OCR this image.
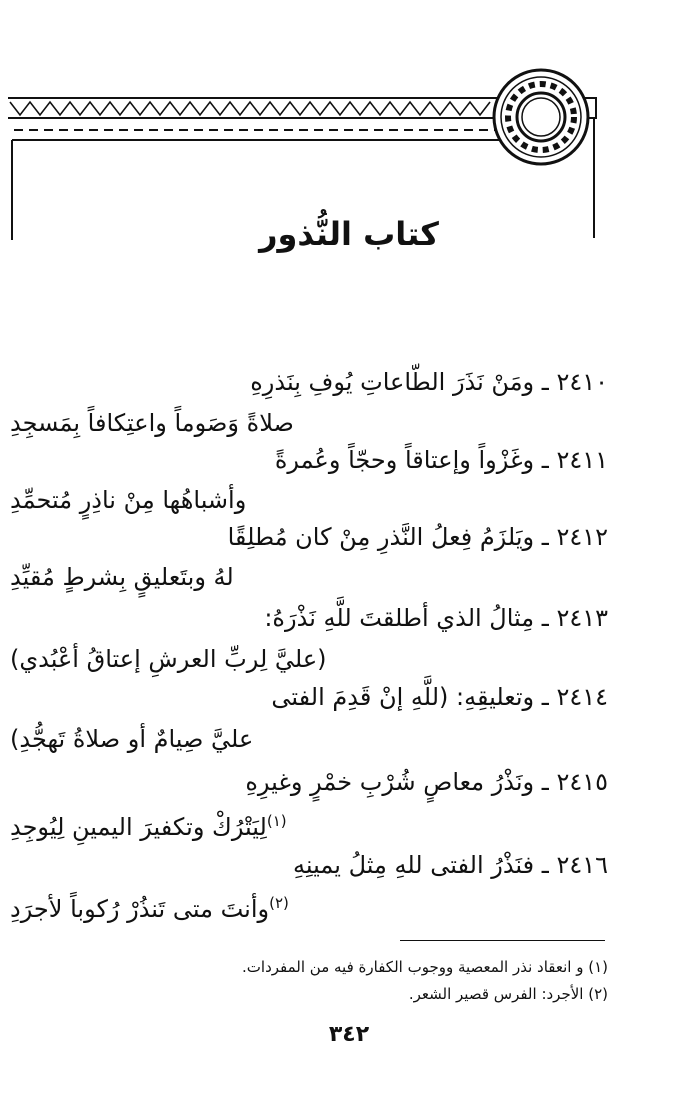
كتاب النُّذور
٢٤١٠ ـ ومَنْ نَذَرَ الطّاعاتِ يُوفِ بِنَذرِهِ
صلاةً وَصَوماً واعتِكافاً بِمَسجِدِ
٢٤١١ ـ وغَزْواً وإعتاقاً وحجّاً وعُمرةً
وأشباهُها مِنْ ناذِرٍ مُتحمِّدِ
٢٤١٢ ـ ويَلزَمُ فِعلُ النَّذرِ مِنْ كان مُطلِقًا
لهُ وبتَعليقٍ بِشرطٍ مُقيِّدِ
٢٤١٣ ـ مِثالُ الذي أطلقتَ للَّهِ نَذْرَهُ:
(عليَّ لِربِّ العرشِ إعتاقُ أعْبُدي)
٢٤١٤ ـ وتعليقِهِ: (للَّهِ إنْ قَدِمَ الفتى
عليَّ صِيامٌ أو صلاةُ تَهجُّدِ)
٢٤١٥ ـ ونَذْرُ معاصٍ شُرْبِ خمْرٍ وغيرِهِ
$^{(١)}$لِيَتْرُكْ وتكفيرَ اليمينِ لِيُوجِدِ
٢٤١٦ ـ فنَذْرُ الفتى للهِ مِثلُ يمينِهِ
$^{(٢)}$وأنتَ متى تَنذُرْ رُكوباً لأجرَدِ
(١) و انعقاد نذر المعصية ووجوب الكفارة فيه من المفردات.
(٢) الأجرد: الفرس قصير الشعر.
٣٤٢
